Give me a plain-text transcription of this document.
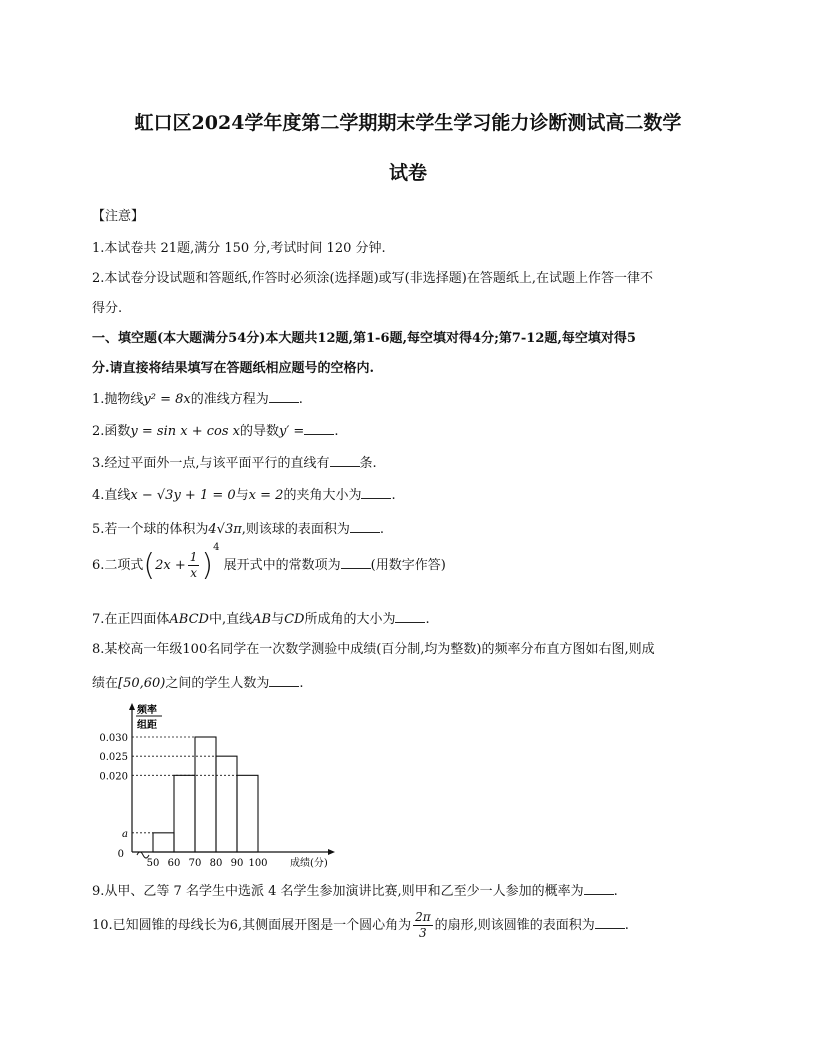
虹口区2024学年度第二学期期末学生学习能力诊断测试高二数学
试卷
【注意】
1.本试卷共 21题,满分 150 分,考试时间 120 分钟.
2.本试卷分设试题和答题纸,作答时必须涂(选择题)或写(非选择题)在答题纸上,在试题上作答一律不
得分.
一、填空题(本大题满分54分)本大题共12题,第1-6题,每空填对得4分;第7-12题,每空填对得5
分.请直接将结果填写在答题纸相应题号的空格内.
1.抛物线y² = 8x的准线方程为 .
2.函数y = sin x + cos x的导数y′ = .
3.经过平面外一点,与该平面平行的直线有 条.
4.直线x − √3y + 1 = 0与x = 2的夹角大小为 .
5.若一个球的体积为4√3π,则该球的表面积为 .
6.二项式$(2x + \frac{1}{x} )^4$ 展开式中的常数项为 (用数字作答)
7.在正四面体ABCD中,直线AB与CD所成角的大小为 .
8.某校高一年级100名同学在一次数学测验中成绩(百分制,均为整数)的频率分布直方图如右图,则成
绩在[50,60)之间的学生人数为 .
a
0.020
0.025
0.030
0
50 60 70 80 90 100 成绩(分)
频率
组距
9.从甲、乙等 7 名学生中选派 4 名学生参加演讲比赛,则甲和乙至少一人参加的概率为 .
10.已知圆锥的母线长为6,其侧面展开图是一个圆心角为 $\frac{2\pi}{3}$ 的扇形,则该圆锥的表面积为 .
